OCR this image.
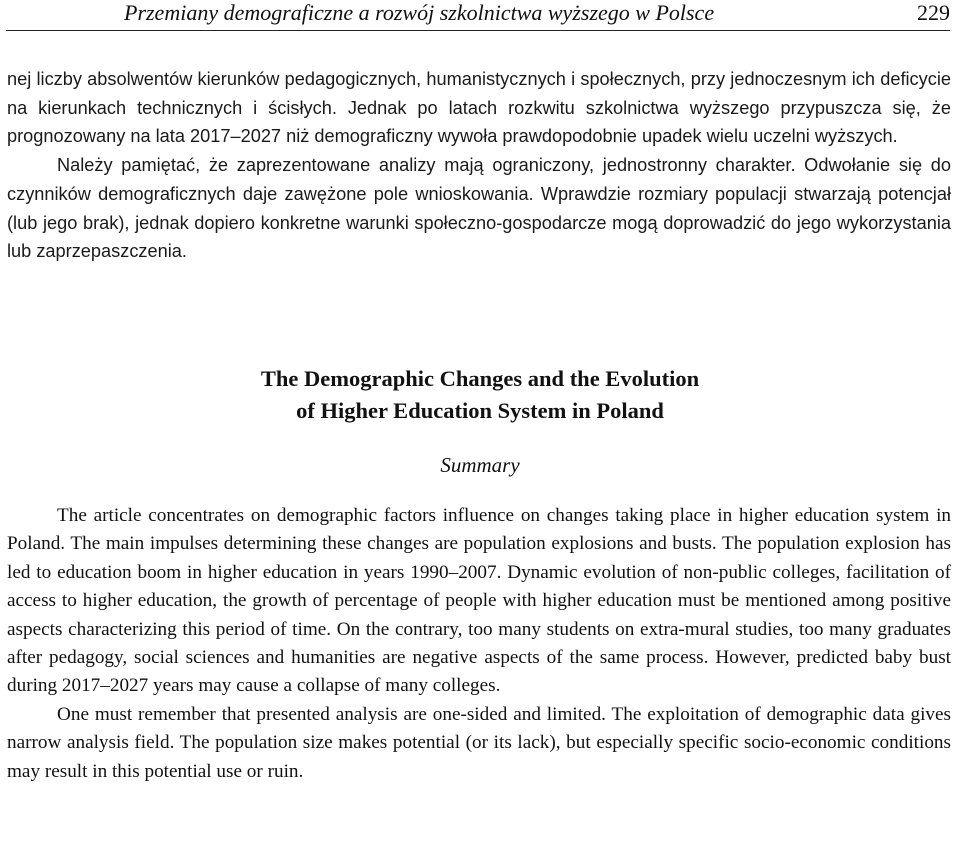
Przemiany demograficzne a rozwój szkolnictwa wyższego w Polsce	229

nej liczby absolwentów kierunków pedagogicznych, humanistycznych i społecznych, przy jednoczesnym ich deficycie na kierunkach technicznych i ścisłych. Jednak po latach rozkwitu szkolnictwa wyższego przypuszcza się, że prognozowany na lata 2017–2027 niż demograficzny wywoła prawdopodobnie upadek wielu uczelni wyższych.

Należy pamiętać, że zaprezentowane analizy mają ograniczony, jednostronny charakter. Odwołanie się do czynników demograficznych daje zawężone pole wnioskowania. Wprawdzie rozmiary populacji stwarzają potencjał (lub jego brak), jednak dopiero konkretne warunki społeczno-gospodarcze mogą doprowadzić do jego wykorzystania lub zaprzepaszczenia.

The Demographic Changes and the Evolution
of Higher Education System in Poland
Summary

The article concentrates on demographic factors influence on changes taking place in higher education system in Poland. The main impulses determining these changes are population explosions and busts. The population explosion has led to education boom in higher education in years 1990–2007. Dynamic evolution of non-public colleges, facilitation of access to higher education, the growth of percentage of people with higher education must be mentioned among positive aspects characterizing this period of time. On the contrary, too many students on extra-mural studies, too many graduates after pedagogy, social sciences and humanities are negative aspects of the same process. However, predicted baby bust during 2017–2027 years may cause a collapse of many colleges.

One must remember that presented analysis are one-sided and limited. The exploitation of demographic data gives narrow analysis field. The population size makes potential (or its lack), but especially specific socio-economic conditions may result in this potential use or ruin.
